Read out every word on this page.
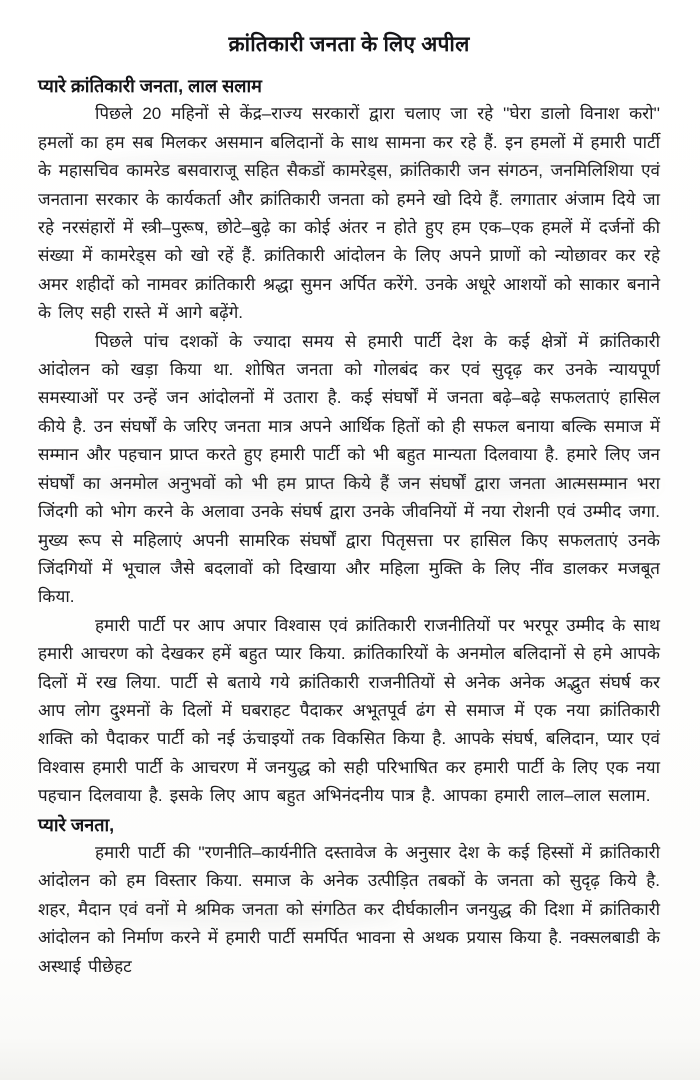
क्रांतिकारी जनता के लिए अपील
प्यारे क्रांतिकारी जनता, लाल सलाम

पिछले 20 महिनों से केंद्र–राज्य सरकारों द्वारा चलाए जा रहे ''घेरा डालो विनाश करो'' हमलों का हम सब मिलकर असमान बलिदानों के साथ सामना कर रहे हैं. इन हमलों में हमारी पार्टी के महासचिव कामरेड बसवाराजू सहित सैकडों कामरेड्स, क्रांतिकारी जन संगठन, जनमिलिशिया एवं जनताना सरकार के कार्यकर्ता और क्रांतिकारी जनता को हमने खो दिये हैं. लगातार अंजाम दिये जा रहे नरसंहारों में स्त्री–पुरूष, छोटे–बुढ़े का कोई अंतर न होते हुए हम एक–एक हमलें में दर्जनों की संख्या में कामरेड्स को खो रहें हैं. क्रांतिकारी आंदोलन के लिए अपने प्राणों को न्योछावर कर रहे अमर शहीदों को नामवर क्रांतिकारी श्रद्धा सुमन अर्पित करेंगे. उनके अधूरे आशयों को साकार बनाने के लिए सही रास्ते में आगे बढ़ेंगे.

पिछले पांच दशकों के ज्यादा समय से हमारी पार्टी देश के कई क्षेत्रों में क्रांतिकारी आंदोलन को खड़ा किया था. शोषित जनता को गोलबंद कर एवं सुदृढ़ कर उनके न्यायपूर्ण समस्याओं पर उन्हें जन आंदोलनों में उतारा है. कई संघर्षों में जनता बढ़े–बढ़े सफलताएं हासिल कीये है. उन संघर्षों के जरिए जनता मात्र अपने आर्थिक हितों को ही सफल बनाया बल्कि समाज में सम्मान और पहचान प्राप्त करते हुए हमारी पार्टी को भी बहुत मान्यता दिलवाया है. हमारे लिए जन संघर्षों का अनमोल अनुभवों को भी हम प्राप्त किये हैं जन संघर्षों द्वारा जनता आत्मसम्मान भरा जिंदगी को भोग करने के अलावा उनके संघर्ष द्वारा उनके जीवनियों में नया रोशनी एवं उम्मीद जगा. मुख्य रूप से महिलाएं अपनी सामरिक संघर्षों द्वारा पितृसत्ता पर हासिल किए सफलताएं उनके जिंदगियों में भूचाल जैसे बदलावों को दिखाया और महिला मुक्ति के लिए नींव डालकर मजबूत किया.

हमारी पार्टी पर आप अपार विश्वास एवं क्रांतिकारी राजनीतियों पर भरपूर उम्मीद के साथ हमारी आचरण को देखकर हमें बहुत प्यार किया. क्रांतिकारियों के अनमोल बलिदानों से हमे आपके दिलों में रख लिया. पार्टी से बताये गये क्रांतिकारी राजनीतियों से अनेक अनेक अद्भुत संघर्ष कर आप लोग दुश्मनों के दिलों में घबराहट पैदाकर अभूतपूर्व ढंग से समाज में एक नया क्रांतिकारी शक्ति को पैदाकर पार्टी को नई ऊंचाइयों तक विकसित किया है. आपके संघर्ष, बलिदान, प्यार एवं विश्वास हमारी पार्टी के आचरण में जनयुद्ध को सही परिभाषित कर हमारी पार्टी के लिए एक नया पहचान दिलवाया है. इसके लिए आप बहुत अभिनंदनीय पात्र है. आपका हमारी लाल–लाल सलाम.

प्यारे जनता,

हमारी पार्टी की ''रणनीति–कार्यनीति दस्तावेज के अनुसार देश के कई हिस्सों में क्रांतिकारी आंदोलन को हम विस्तार किया. समाज के अनेक उत्पीड़ित तबकों के जनता को सुदृढ़ किये है. शहर, मैदान एवं वनों मे श्रमिक जनता को संगठित कर दीर्घकालीन जनयुद्ध की दिशा में क्रांतिकारी आंदोलन को निर्माण करने में हमारी पार्टी समर्पित भावना से अथक प्रयास किया है. नक्सलबाडी के अस्थाई पीछेहट
